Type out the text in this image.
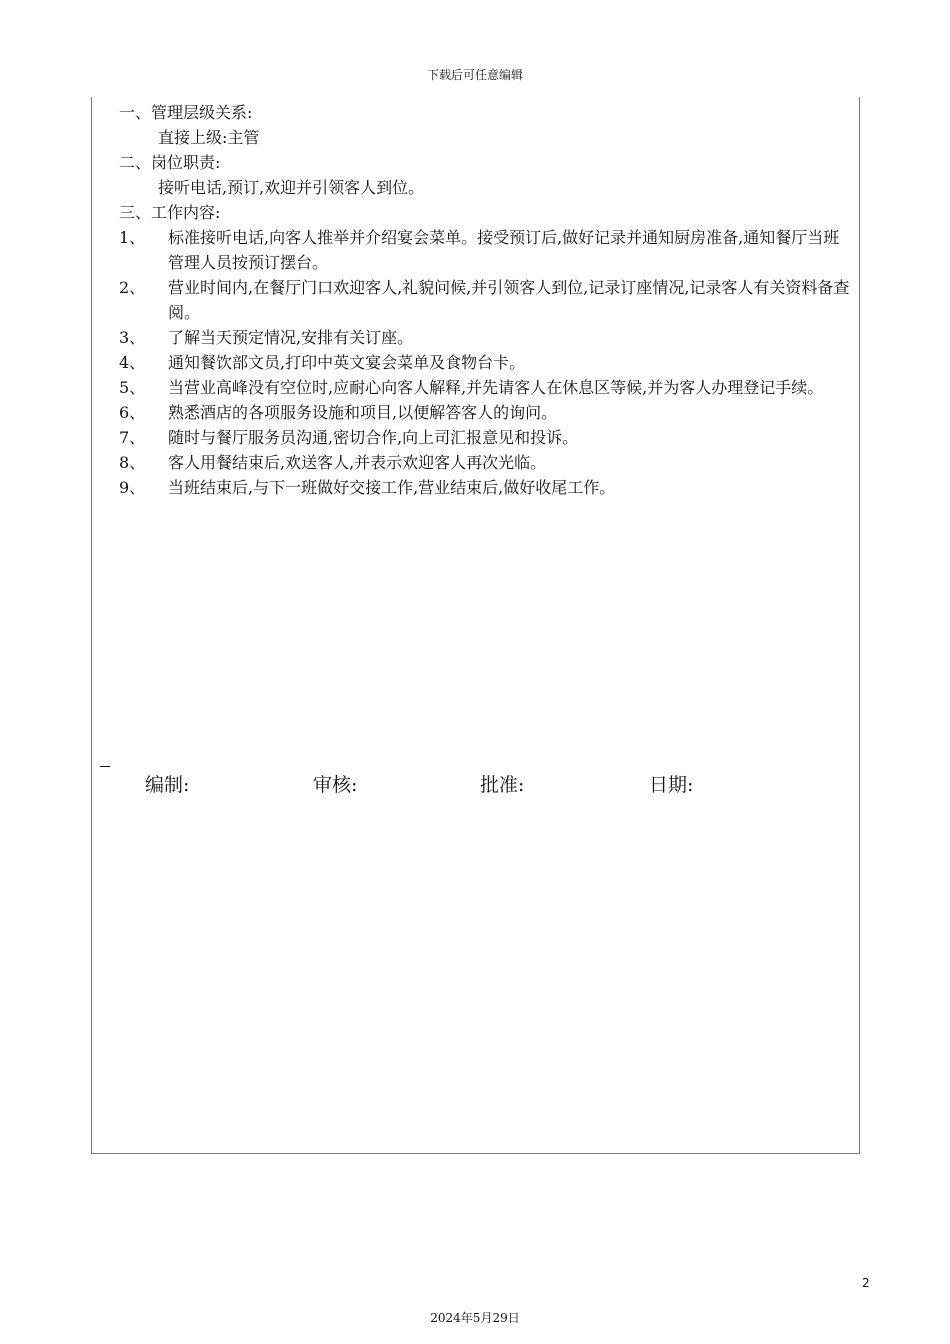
下载后可任意编辑
一、管理层级关系:
直接上级:主管
二、岗位职责:
接听电话,预订,欢迎并引领客人到位。
三、工作内容:
1、	标准接听电话,向客人推举并介绍宴会菜单。接受预订后,做好记录并通知厨房准备,通知餐厅当班管理人员按预订摆台。
2、	营业时间内,在餐厅门口欢迎客人,礼貌问候,并引领客人到位,记录订座情况,记录客人有关资料备查阅。
3、	了解当天预定情况,安排有关订座。
4、	通知餐饮部文员,打印中英文宴会菜单及食物台卡。
5、	当营业高峰没有空位时,应耐心向客人解释,并先请客人在休息区等候,并为客人办理登记手续。
6、	熟悉酒店的各项服务设施和项目,以便解答客人的询问。
7、	随时与餐厅服务员沟通,密切合作,向上司汇报意见和投诉。
8、	客人用餐结束后,欢送客人,并表示欢迎客人再次光临。
9、	当班结束后,与下一班做好交接工作,营业结束后,做好收尾工作。
编制:	审核:	批准:	日期:
2
2024年5月29日
